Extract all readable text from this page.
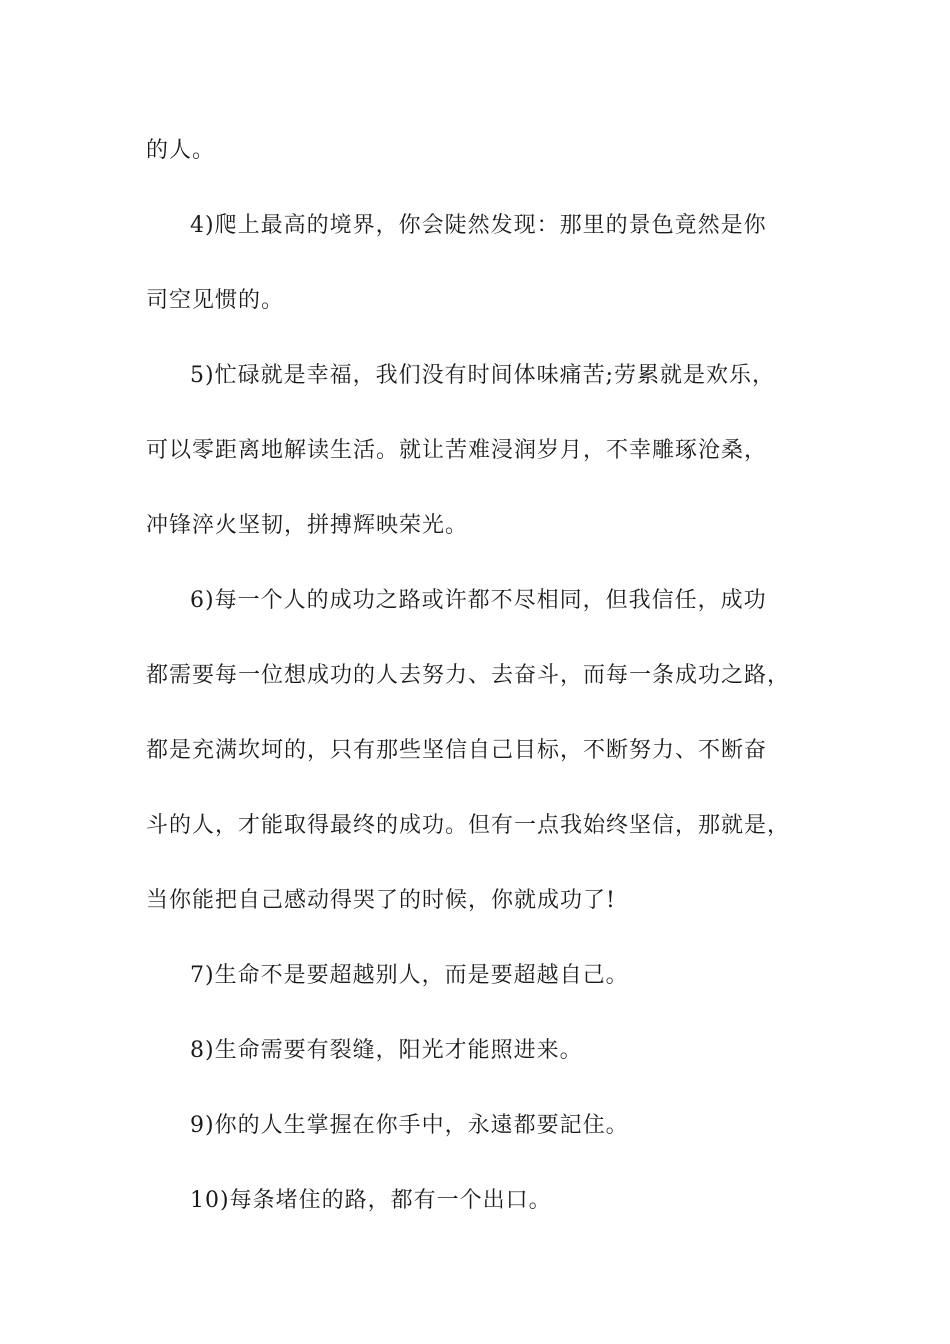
的人。
4)爬上最高的境界，你会陡然发现：那里的景色竟然是你
司空见惯的。
5)忙碌就是幸福，我们没有时间体味痛苦;劳累就是欢乐，
可以零距离地解读生活。就让苦难浸润岁月，不幸雕琢沧桑，
冲锋淬火坚韧，拼搏辉映荣光。
6)每一个人的成功之路或许都不尽相同，但我信任，成功
都需要每一位想成功的人去努力、去奋斗，而每一条成功之路，
都是充满坎坷的，只有那些坚信自己目标，不断努力、不断奋
斗的人，才能取得最终的成功。但有一点我始终坚信，那就是，
当你能把自己感动得哭了的时候，你就成功了!
7)生命不是要超越别人，而是要超越自己。
8)生命需要有裂缝，阳光才能照进来。
9)你的人生掌握在你手中，永遠都要記住。
10)每条堵住的路，都有一个出口。
